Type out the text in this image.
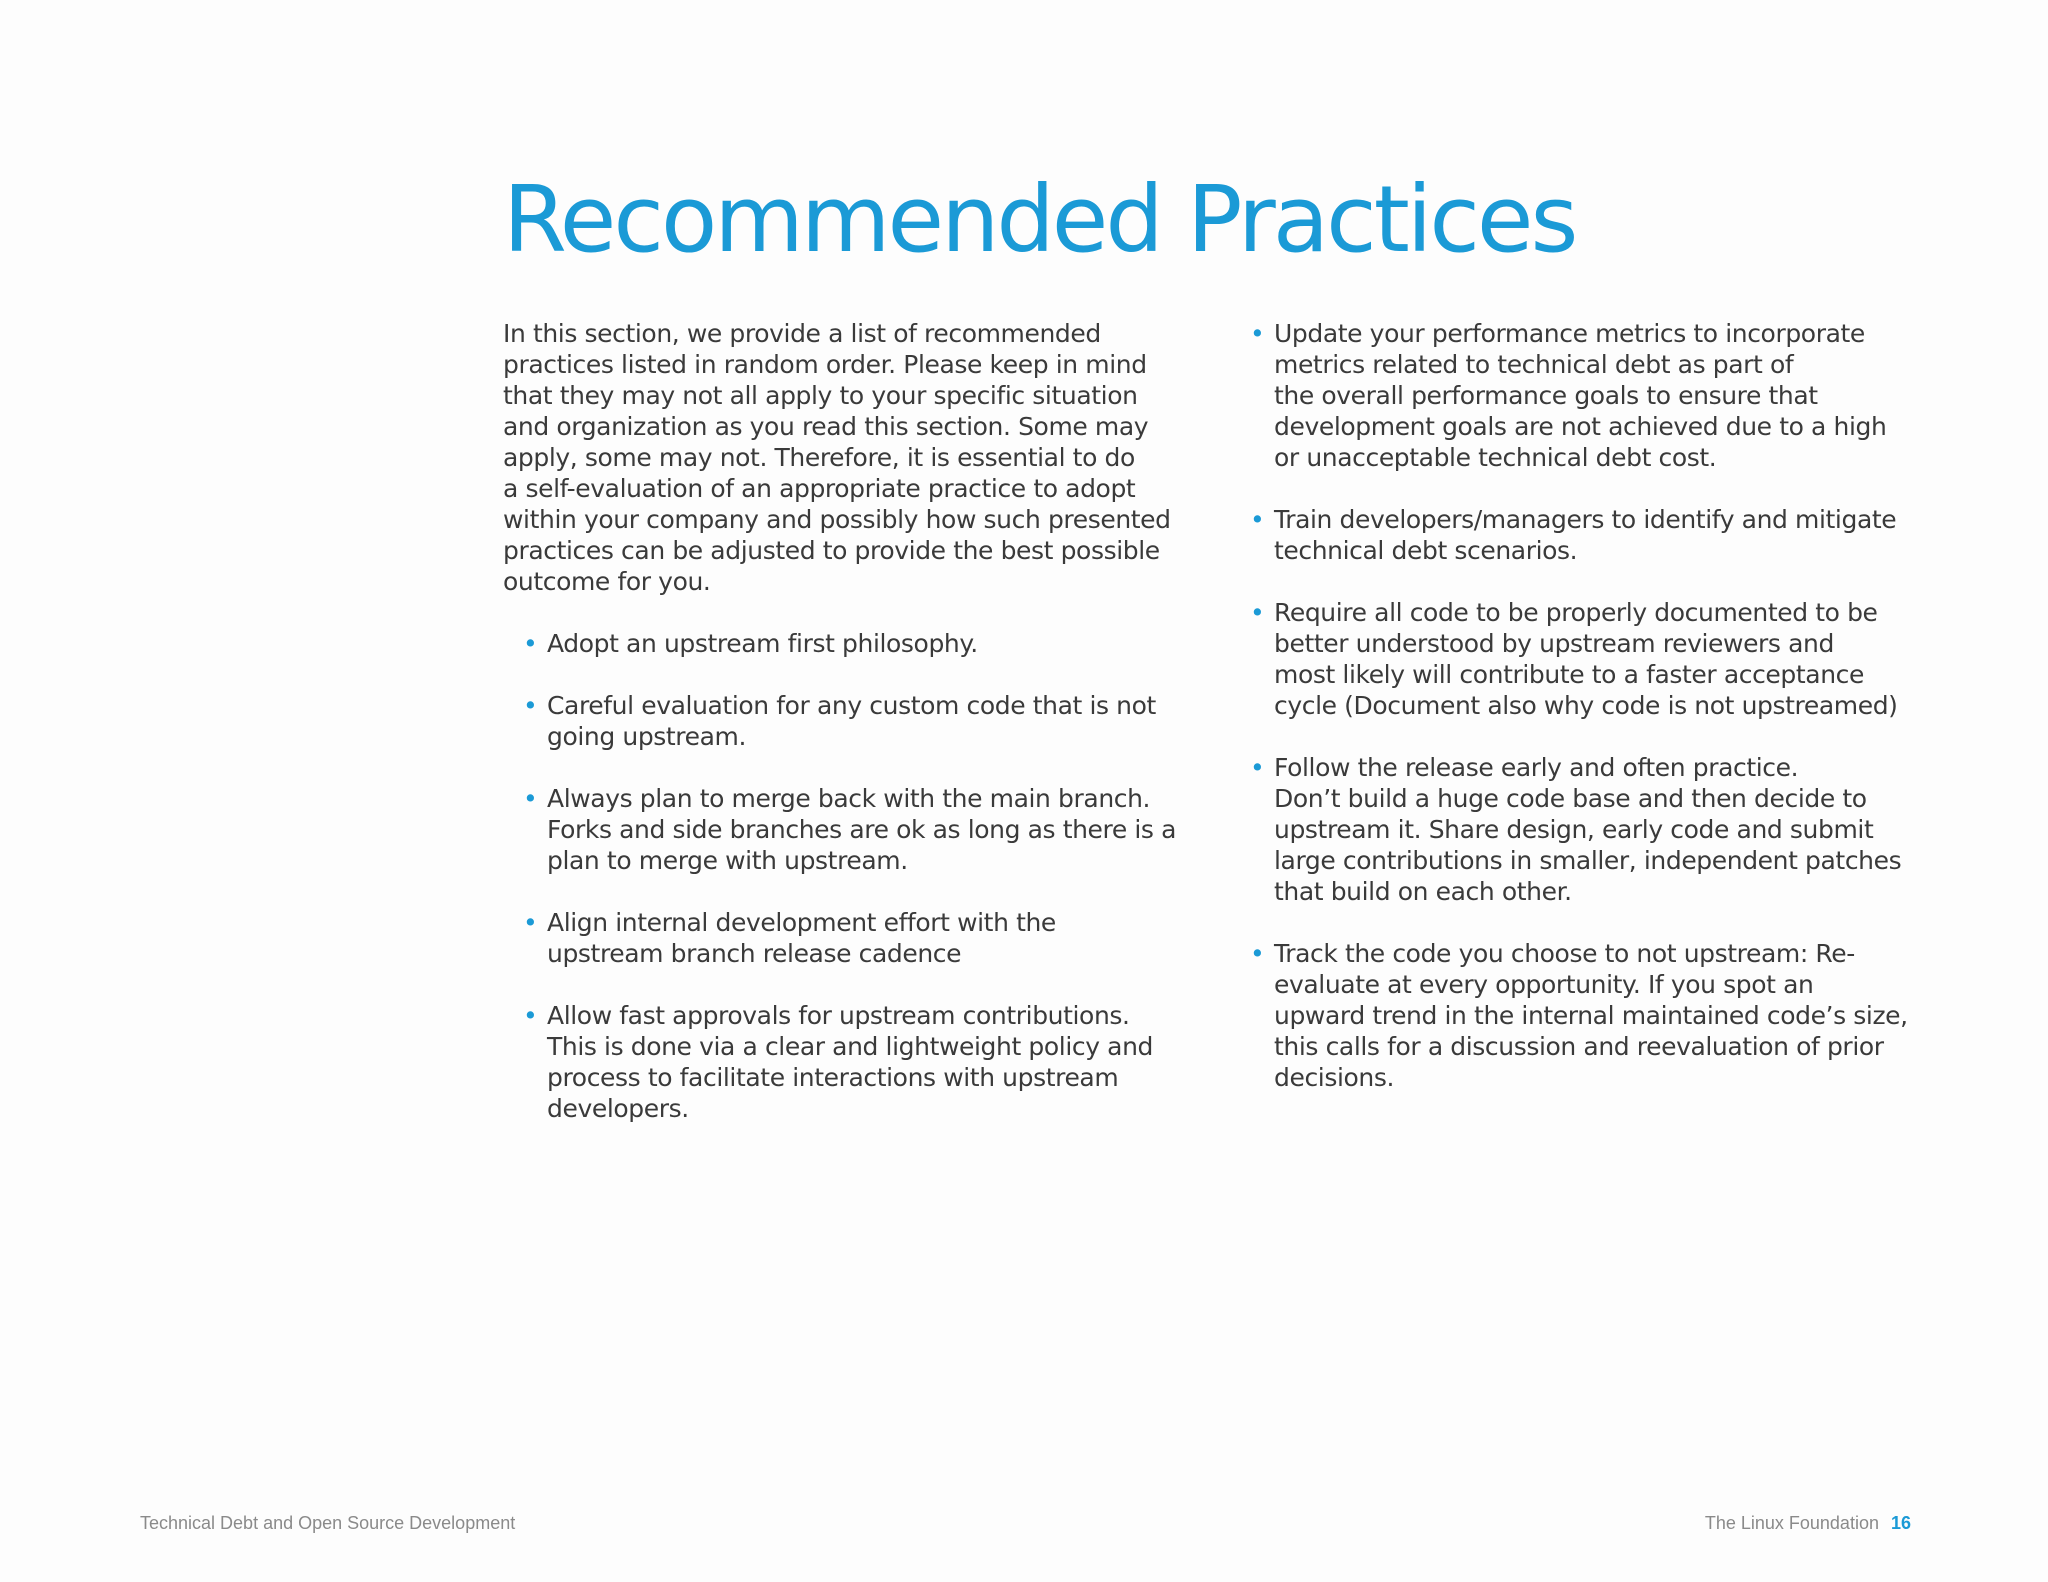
Recommended Practices

In this section, we provide a list of recommended
practices listed in random order. Please keep in mind
that they may not all apply to your specific situation
and organization as you read this section. Some may
apply, some may not. Therefore, it is essential to do
a self-evaluation of an appropriate practice to adopt
within your company and possibly how such presented
practices can be adjusted to provide the best possible
outcome for you.

• Adopt an upstream first philosophy.
• Careful evaluation for any custom code that is not
going upstream.
• Always plan to merge back with the main branch.
Forks and side branches are ok as long as there is a
plan to merge with upstream.
• Align internal development effort with the
upstream branch release cadence
• Allow fast approvals for upstream contributions.
This is done via a clear and lightweight policy and
process to facilitate interactions with upstream
developers.
• Update your performance metrics to incorporate
metrics related to technical debt as part of
the overall performance goals to ensure that
development goals are not achieved due to a high
or unacceptable technical debt cost.
• Train developers/managers to identify and mitigate
technical debt scenarios.
• Require all code to be properly documented to be
better understood by upstream reviewers and
most likely will contribute to a faster acceptance
cycle (Document also why code is not upstreamed)
• Follow the release early and often practice.
Don’t build a huge code base and then decide to
upstream it. Share design, early code and submit
large contributions in smaller, independent patches
that build on each other.
• Track the code you choose to not upstream: Re-
evaluate at every opportunity. If you spot an
upward trend in the internal maintained code’s size,
this calls for a discussion and reevaluation of prior
decisions.
Technical Debt and Open Source Development	The Linux Foundation 16
